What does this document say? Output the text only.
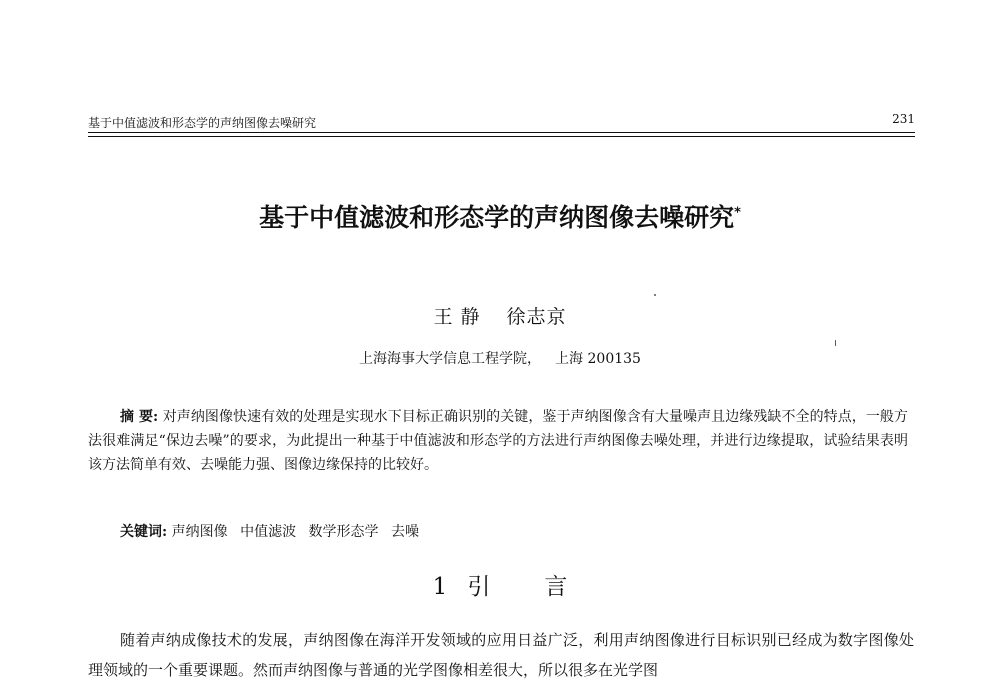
基于中值滤波和形态学的声纳图像去噪研究	231
基于中值滤波和形态学的声纳图像去噪研究*
王 静 徐志京
上海海事大学信息工程学院， 上海 200135
摘 要: 对声纳图像快速有效的处理是实现水下目标正确识别的关键，鉴于声纳图像含有大量噪声且边缘残缺不全的特点，一般方法很难满足“保边去噪”的要求，为此提出一种基于中值滤波和形态学的方法进行声纳图像去噪处理，并进行边缘提取，试验结果表明该方法简单有效、去噪能力强、图像边缘保持的比较好。
关键词: 声纳图像 中值滤波 数学形态学 去噪
1 引 言
随着声纳成像技术的发展，声纳图像在海洋开发领域的应用日益广泛，利用声纳图像进行目标识别已经成为数字图像处理领域的一个重要课题。然而声纳图像与普通的光学图像相差很大，所以很多在光学图
